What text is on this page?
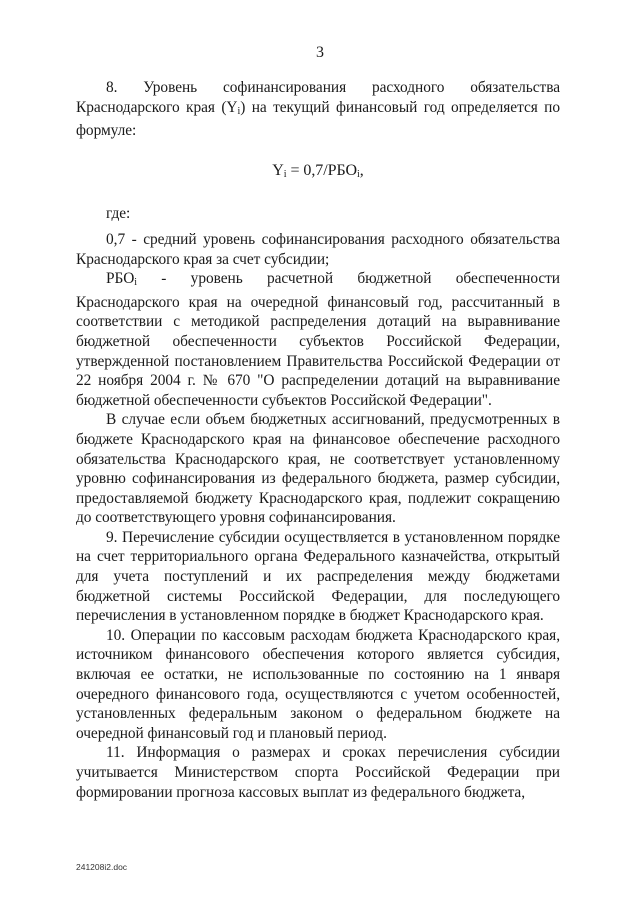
3

8. Уровень софинансирования расходного обязательства Краснодарского края $(Y_i)$ на текущий финансовый год определяется по формуле:

$Y_i = 0,7/РБО_i$,

где:

0,7 - средний уровень софинансирования расходного обязательства Краснодарского края за счет субсидии;

$РБО_i$ - уровень расчетной бюджетной обеспеченности Краснодарского края на очередной финансовый год, рассчитанный в соответствии с методикой распределения дотаций на выравнивание бюджетной обеспеченности субъектов Российской Федерации, утвержденной постановлением Правительства Российской Федерации от 22 ноября 2004 г. № 670 "О распределении дотаций на выравнивание бюджетной обеспеченности субъектов Российской Федерации".

В случае если объем бюджетных ассигнований, предусмотренных в бюджете Краснодарского края на финансовое обеспечение расходного обязательства Краснодарского края, не соответствует установленному уровню софинансирования из федерального бюджета, размер субсидии, предоставляемой бюджету Краснодарского края, подлежит сокращению до соответствующего уровня софинансирования.

9. Перечисление субсидии осуществляется в установленном порядке на счет территориального органа Федерального казначейства, открытый для учета поступлений и их распределения между бюджетами бюджетной системы Российской Федерации, для последующего перечисления в установленном порядке в бюджет Краснодарского края.

10. Операции по кассовым расходам бюджета Краснодарского края, источником финансового обеспечения которого является субсидия, включая ее остатки, не использованные по состоянию на 1 января очередного финансового года, осуществляются с учетом особенностей, установленных федеральным законом о федеральном бюджете на очередной финансовый год и плановый период.

11. Информация о размерах и сроках перечисления субсидии учитывается Министерством спорта Российской Федерации при формировании прогноза кассовых выплат из федерального бюджета,

241208i2.doc
